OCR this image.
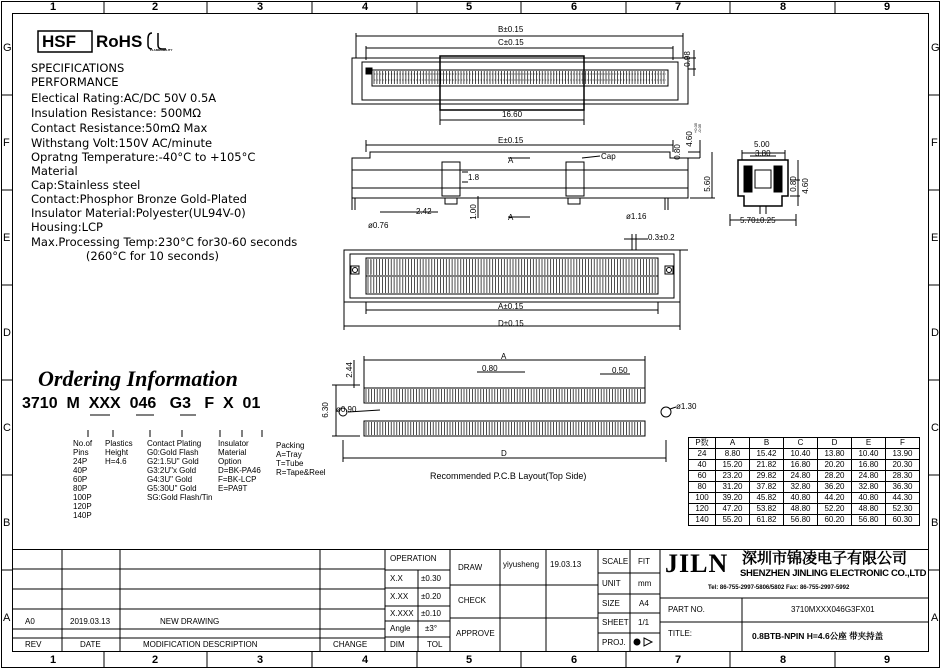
1	2	3	4	5	6	7	8	9
1	2	3	4	5	6	7	8	9
G
F
E
D
C
B
A
G
F
E
D
C
B
A
HSF RoHS	FLAMMABILITY
UL
SPECIFICATIONS
PERFORMANCE
Electical Rating:AC/DC 50V 0.5A
Insulation Resistance: 500MΩ
Contact Resistance:50mΩ Max
Withstang Volt:150V AC/minute
Opratng Temperature:-40°C to +105°C
Material
Cap:Stainless steel
Contact:Phosphor Bronze Gold-Plated
Insulator Material:Polyester(UL94V-0)
Housing:LCP
Max.Processing Temp:230°C for30-60 seconds
(260°C for 10 seconds)
Ordering Information
3710  M  XXX  046   G3   F  X  01
No.of
Pins
24P
40P
60P
80P
100P
120P
140P
Plastics
Height
H=4.6
Contact Plating
G0:Gold Flash
G2:1.5U" Gold
G3:2U"x Gold
G4:3U" Gold
G5:30U" Gold
SG:Gold Flash/Tin
Insulator
Material
Option
D=BK-PA46
F=BK-LCP
E=PA9T
Packing
A=Tray
T=Tube
R=Tape&Reel
B±0.15
C±0.15
0.98
16.60
E±0.15
A	Cap
1.8
2.42	1.00	A	ø1.16
ø0.76
0.80
4.60
+0.05
-0.05
5.60
5.00
3.80
0.80 4.60
5.70±0.25
0.3±0.2
A±0.15
D±0.15
A
0.80	0.50
2.44
6.30 ø0.90	ø1.30
D
Recommended P.C.B Layout(Top Side)
P数	A	B	C	D	E	F
24	8.80	15.42	10.40	13.80	10.40	13.90
40	15.20	21.82	16.80	20.20	16.80	20.30
60	23.20	29.82	24.80	28.20	24.80	28.30
80	31.20	37.82	32.80	36.20	32.80	36.30
100	39.20	45.82	40.80	44.20	40.80	44.30
120	47.20	53.82	48.80	52.20	48.80	52.30
140	55.20	61.82	56.80	60.20	56.80	60.30
OPERATION
X.X ±0.30
X.XX ±0.20
X.XXX ±0.10
Angle ±3°
DIM	TOL
DRAW	yiyusheng 19.03.13
CHECK
APPROVE
SCALE FIT
UNIT mm
SIZE A4
SHEET 1/1
PROJ.
JILN 深圳市锦凌电子有限公司
SHENZHEN JINLING ELECTRONIC CO.,LTD
Tel: 86-755-2997-5806/5802 Fax: 86-755-2997-5992
PART NO.	3710MXXX046G3FX01
TITLE:	0.8BTB-NPIN H=4.6公座 带夹持盖
A0	2019.03.13	NEW DRAWING
REV	DATE	MODIFICATION DESCRIPTION	CHANGE
